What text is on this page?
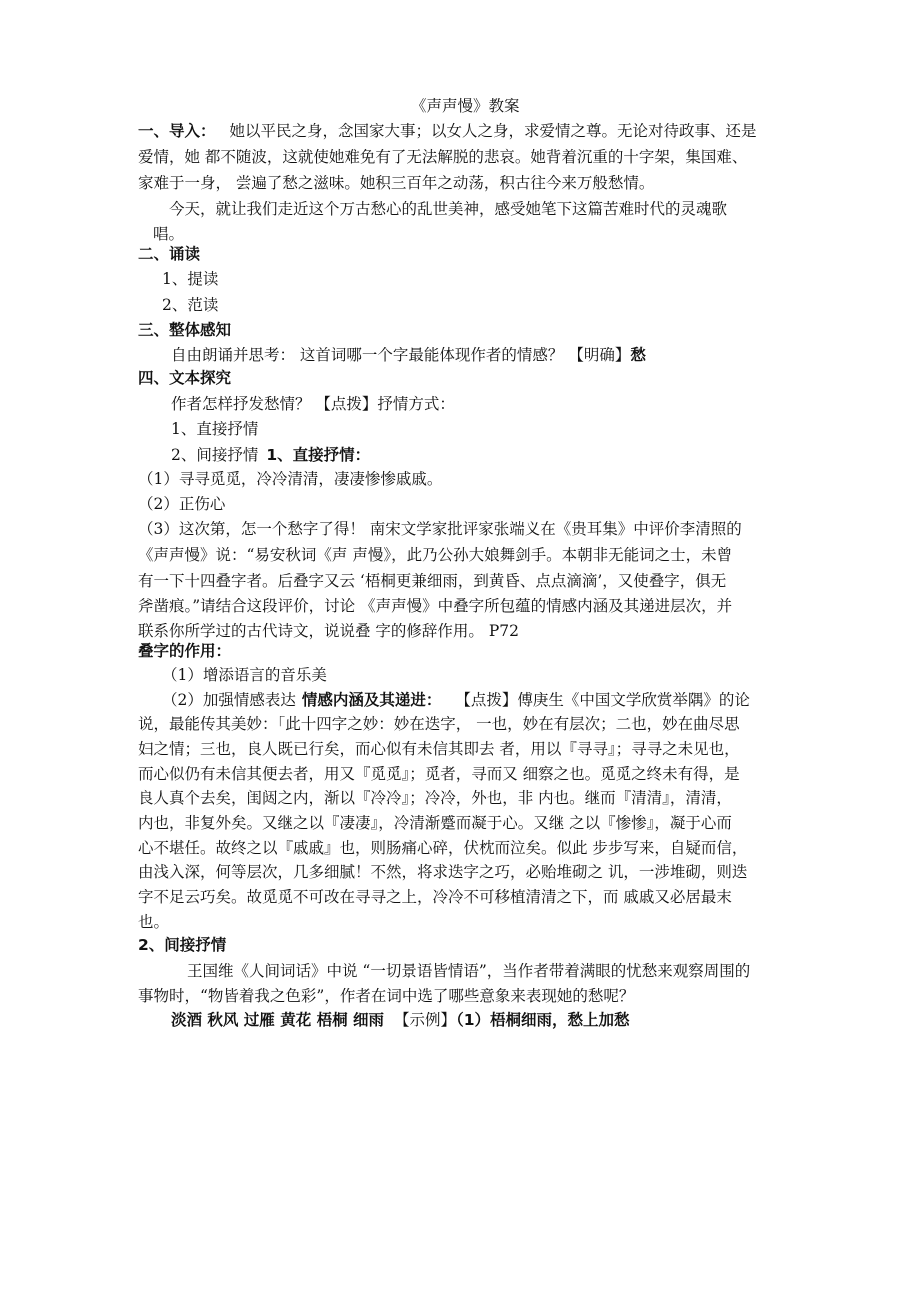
《声声慢》教案
一、导入： 她以平民之身，念国家大事；以女人之身，求爱情之尊。无论对待政事、还是
爱情，她 都不随波，这就使她难免有了无法解脱的悲哀。她背着沉重的十字架，集国难、
家难于一身， 尝遍了愁之滋味。她积三百年之动荡，积古往今来万般愁情。
今天，就让我们走近这个万古愁心的乱世美神，感受她笔下这篇苦难时代的灵魂歌
唱。
二、诵读
1、提读
2、范读
三、整体感知
自由朗诵并思考： 这首词哪一个字最能体现作者的情感？ 【明确】愁
四、文本探究
作者怎样抒发愁情？ 【点拨】抒情方式：
1、直接抒情
2、间接抒情 1、直接抒情：
（1）寻寻觅觅，冷冷清清，凄凄惨惨戚戚。
（2）正伤心
（3）这次第，怎一个愁字了得！ 南宋文学家批评家张端义在《贵耳集》中评价李清照的
《声声慢》说：“易安秋词《声 声慢》，此乃公孙大娘舞剑手。本朝非无能词之士，未曾
有一下十四叠字者。后叠字又云 ‘梧桐更兼细雨，到黄昏、点点滴滴’，又使叠字，俱无
斧凿痕。”请结合这段评价，讨论 《声声慢》中叠字所包蕴的情感内涵及其递进层次，并
联系你所学过的古代诗文，说说叠 字的修辞作用。 P72
叠字的作用：
（1）增添语言的音乐美
（2）加强情感表达 情感内涵及其递进： 【点拨】傅庚生《中国文学欣赏举隅》的论
说，最能传其美妙：「此十四字之妙：妙在迭字， 一也，妙在有层次；二也，妙在曲尽思
妇之情；三也，良人既已行矣，而心似有未信其即去 者，用以『寻寻』；寻寻之未见也，
而心似仍有未信其便去者，用又『觅觅』；觅者，寻而又 细察之也。觅觅之终未有得，是
良人真个去矣，闺闼之内，渐以『冷冷』；冷冷，外也，非 内也。继而『清清』，清清，
内也，非复外矣。又继之以『凄凄』，冷清渐蹙而凝于心。又继 之以『惨惨』，凝于心而
心不堪任。故终之以『戚戚』也，则肠痛心碎，伏枕而泣矣。似此 步步写来，自疑而信，
由浅入深，何等层次，几多细腻！不然，将求迭字之巧，必贻堆砌之 讥，一涉堆砌，则迭
字不足云巧矣。故觅觅不可改在寻寻之上，冷冷不可移植清清之下，而 戚戚又必居最末
也。
2、间接抒情
王国维《人间词话》中说 “一切景语皆情语”，当作者带着满眼的忧愁来观察周围的
事物时，“物皆着我之色彩”，作者在词中选了哪些意象来表现她的愁呢？
淡酒 秋风 过雁 黄花 梧桐 细雨 【示例】（1）梧桐细雨，愁上加愁
